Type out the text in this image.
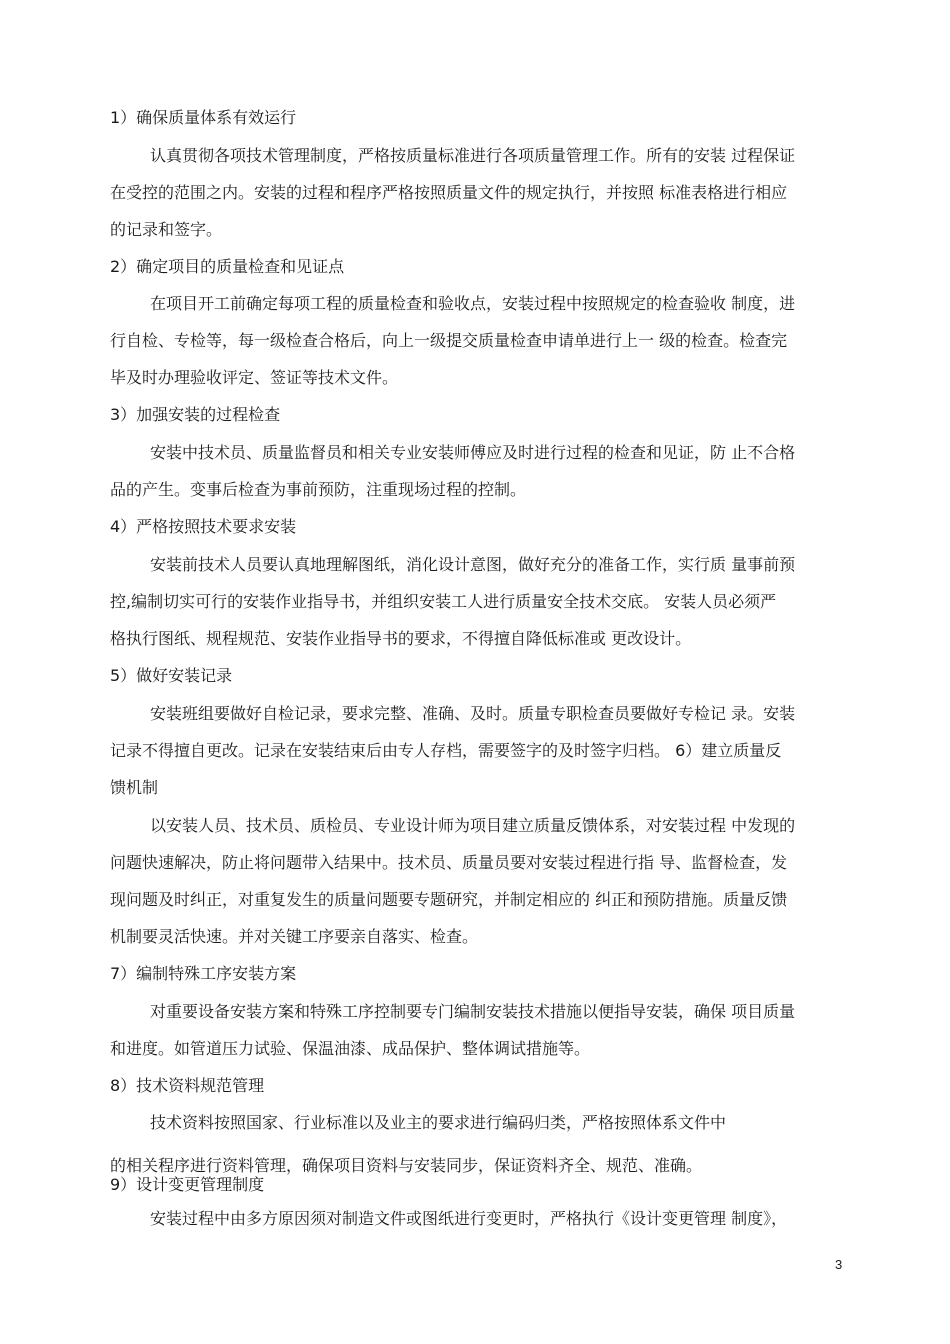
1）确保质量体系有效运行
认真贯彻各项技术管理制度，严格按质量标准进行各项质量管理工作。所有的安装 过程保证
在受控的范围之内。安装的过程和程序严格按照质量文件的规定执行，并按照 标准表格进行相应
的记录和签字。
2）确定项目的质量检查和见证点
在项目开工前确定每项工程的质量检查和验收点，安装过程中按照规定的检查验收 制度，进
行自检、专检等，每一级检查合格后，向上一级提交质量检查申请单进行上一 级的检查。检查完
毕及时办理验收评定、签证等技术文件。
3）加强安装的过程检查
安装中技术员、质量监督员和相关专业安装师傅应及时进行过程的检查和见证，防 止不合格
品的产生。变事后检查为事前预防，注重现场过程的控制。
4）严格按照技术要求安装
安装前技术人员要认真地理解图纸，消化设计意图，做好充分的准备工作，实行质 量事前预
控,编制切实可行的安装作业指导书，并组织安装工人进行质量安全技术交底。 安装人员必须严
格执行图纸、规程规范、安装作业指导书的要求，不得擅自降低标准或 更改设计。
5）做好安装记录
安装班组要做好自检记录，要求完整、准确、及时。质量专职检查员要做好专检记 录。安装
记录不得擅自更改。记录在安装结束后由专人存档，需要签字的及时签字归档。 6）建立质量反
馈机制
以安装人员、技术员、质检员、专业设计师为项目建立质量反馈体系，对安装过程 中发现的
问题快速解决，防止将问题带入结果中。技术员、质量员要对安装过程进行指 导、监督检查，发
现问题及时纠正，对重复发生的质量问题要专题研究，并制定相应的 纠正和预防措施。质量反馈
机制要灵活快速。并对关键工序要亲自落实、检查。
7）编制特殊工序安装方案
对重要设备安装方案和特殊工序控制要专门编制安装技术措施以便指导安装，确保 项目质量
和进度。如管道压力试验、保温油漆、成品保护、整体调试措施等。
8）技术资料规范管理
技术资料按照国家、行业标准以及业主的要求进行编码归类，严格按照体系文件中
的相关程序进行资料管理，确保项目资料与安装同步，保证资料齐全、规范、准确。
9）设计变更管理制度
安装过程中由多方原因须对制造文件或图纸进行变更时，严格执行《设计变更管理 制度》，
3
